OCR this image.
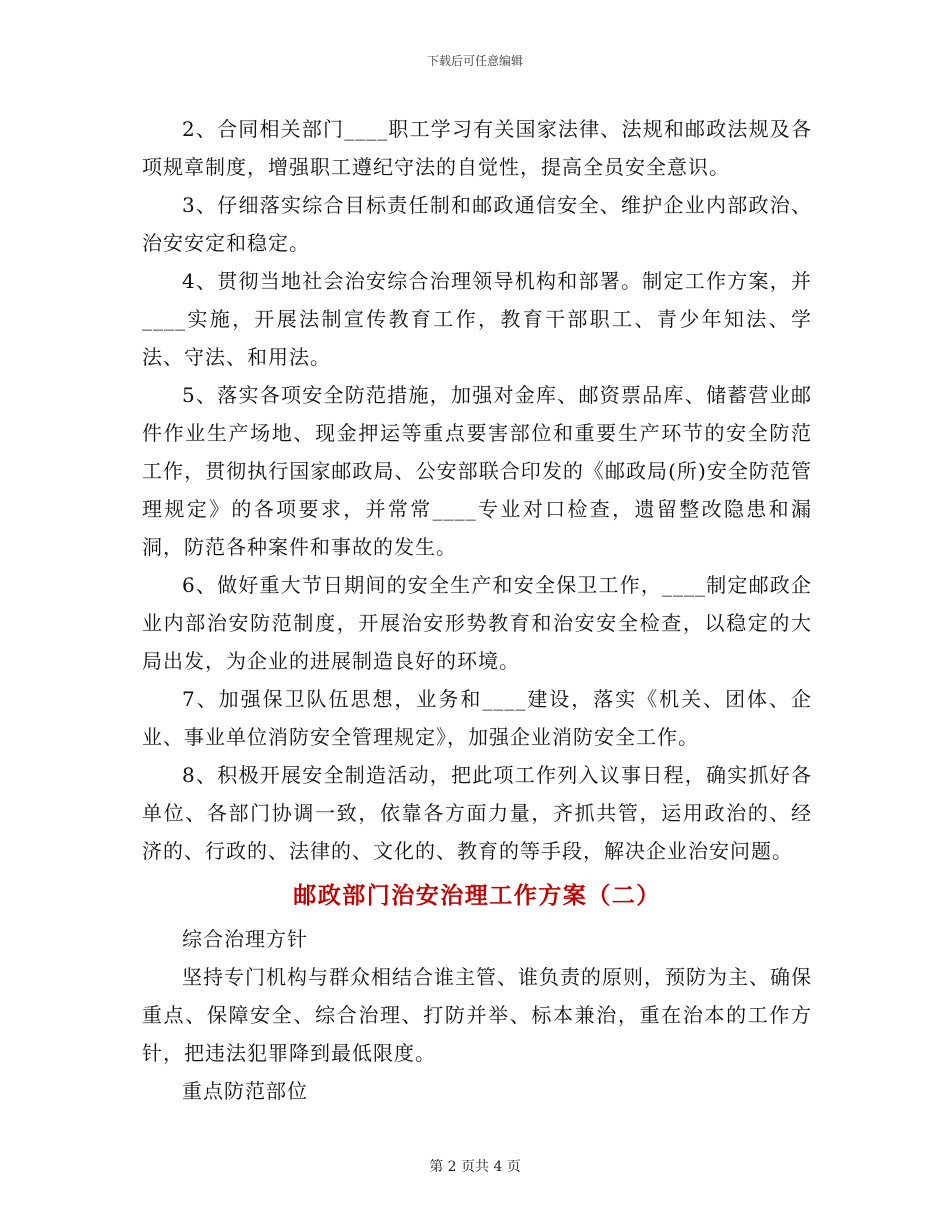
下载后可任意编辑

2、合同相关部门____职工学习有关国家法律、法规和邮政法规及各项规章制度，增强职工遵纪守法的自觉性，提高全员安全意识。

3、仔细落实综合目标责任制和邮政通信安全、维护企业内部政治、治安安定和稳定。

4、贯彻当地社会治安综合治理领导机构和部署。制定工作方案，并____实施，开展法制宣传教育工作，教育干部职工、青少年知法、学法、守法、和用法。

5、落实各项安全防范措施，加强对金库、邮资票品库、储蓄营业邮件作业生产场地、现金押运等重点要害部位和重要生产环节的安全防范工作，贯彻执行国家邮政局、公安部联合印发的《邮政局(所)安全防范管理规定》的各项要求，并常常____专业对口检查，遗留整改隐患和漏洞，防范各种案件和事故的发生。

6、做好重大节日期间的安全生产和安全保卫工作，____制定邮政企业内部治安防范制度，开展治安形势教育和治安安全检查，以稳定的大局出发，为企业的进展制造良好的环境。

7、加强保卫队伍思想，业务和____建设，落实《机关、团体、企业、事业单位消防安全管理规定》，加强企业消防安全工作。

8、积极开展安全制造活动，把此项工作列入议事日程，确实抓好各单位、各部门协调一致，依靠各方面力量，齐抓共管，运用政治的、经济的、行政的、法律的、文化的、教育的等手段，解决企业治安问题。

邮政部门治安治理工作方案（二）

综合治理方针

坚持专门机构与群众相结合谁主管、谁负责的原则，预防为主、确保重点、保障安全、综合治理、打防并举、标本兼治，重在治本的工作方针，把违法犯罪降到最低限度。

重点防范部位

第 2 页共 4 页
